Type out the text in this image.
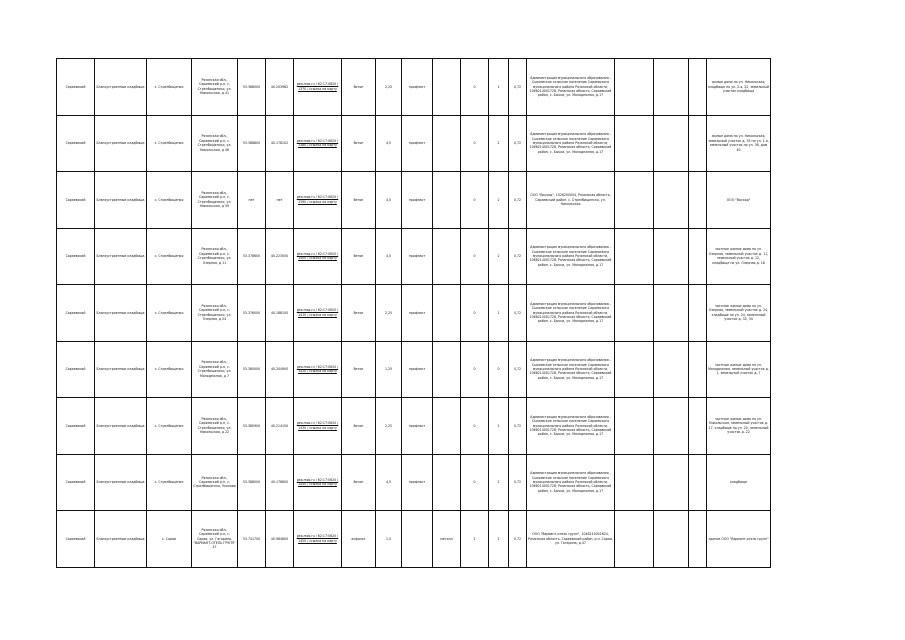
Сараевский	Благоустроенные кладбища	с. Стрелбищенко	Рязанская обл., Сараевский р-н, с. Стрелбищенско, ул. Никольская, д 41	53.386000	40.203982	geo.mos.ru / 62:17:0620 / 1370 / ссылка на карту	бетон	2,25	профнаст		0	1	0,72	Администрация муниципального образования - Сысоевское сельское поселение Сараевского муниципального района Рязанской области, 1066214001728, Рязанская область, Сараевский район, с. Бычки, ул. Молодежная, д.17				жилые дома по ул. Никольская, кладбище по ул. 2-я, 22, земельный участок кладбища
Сараевский	Благоустроенные кладбища	с. Стрелбищенко	Рязанская обл., Сараевский р-н, с. Стрелбищенско, ул. Никольская, д 46	53.388800	40.178102	geo.mos.ru / 62:17:0620 / 1380 / ссылка на карту	бетон	4,5	профнаст		0	2	0,72	Администрация муниципального образования - Сысоевское сельское поселение Сараевского муниципального района Рязанской области, 1066214001728, Рязанская область, Сараевский район, с. Бычки, ул. Молодежная, д.17				жилые дома по ул. Никольская, земельный участок д. 35 по ул. 1-я, земельный участок по ул. 36, дом 40
Сараевский	Благоустроенные кладбища	с. Стрелбищенко	Рязанская обл., Сараевский р-н, с. Стрелбищенско, ул. Никольская, д 59	нет	нет	geo.mos.ru / 62:17:0620 / 1390 / ссылка на карту	бетон	4,5	профнаст		0	2	0,72	ООО "Восход", 1026200004, Рязанская область, Сараевский район, с. Стрелбищенско, ул. Никольская				ООО "Восход"
Сараевский	Благоустроенные кладбища	с. Стрелбищенко	Рязанская обл., Сараевский р-н, с. Стрелбищенско, ул. Озерная, д 11	53.378600	40.223000	geo.mos.ru / 62:17:0620 / 1400 / ссылка на карту	бетон	4,5	профнаст		0	2	0,72	Администрация муниципального образования - Сысоевское сельское поселение Сараевского муниципального района Рязанской области, 1066214001728, Рязанская область, Сараевский район, с. Бычки, ул. Молодежная, д.17				частные жилые дома по ул. Озерная, земельный участок д. 11, земельный участок д. 12, кладбище по ул. Озерная д. 18
Сараевский	Благоустроенные кладбища	с. Стрелбищенко	Рязанская обл., Сараевский р-н, с. Стрелбищенско, ул. Озерная, д 24	53.376000	40.188100	geo.mos.ru / 62:17:0620 / 1410 / ссылка на карту	бетон	2,25	профнаст		0	1	0,72	Администрация муниципального образования - Сысоевское сельское поселение Сараевского муниципального района Рязанской области, 1066214001728, Рязанская область, Сараевский район, с. Бычки, ул. Молодежная, д.17				частные жилые дома по ул. Озерная, земельный участок д. 24, кладбище по ул. 24, земельный участок д. 32, 34
Сараевский	Благоустроенные кладбища	с. Стрелбищенко	Рязанская обл., Сараевский р-н, с. Стрелбищенско, ул. Молодежная, д 7	53.380000	40.204900	geo.mos.ru / 62:17:0620 / 1420 / ссылка на карту	бетон	1,25	профнаст		0	0	0,72	Администрация муниципального образования - Сысоевское сельское поселение Сараевского муниципального района Рязанской области, 1066214001728, Рязанская область, Сараевский район, с. Бычки, ул. Молодежная, д.17				частные жилые дома по ул. Молодежная, земельный участок д. 1, земельный участок д. 7
Сараевский	Благоустроенные кладбища	с. Стрелбищенко	Рязанская обл., Сараевский р-н, с. Стрелбищенско, ул. Никольская, д 22	53.380900	40.214100	geo.mos.ru / 62:17:0620 / 1430 / ссылка на карту	бетон	2,25	профнаст		0	1	0,72	Администрация муниципального образования - Сысоевское сельское поселение Сараевского муниципального района Рязанской области, 1066214001728, Рязанская область, Сараевский район, с. Бычки, ул. Молодежная, д.17				частные жилые дома по ул. Никольская, земельный участок д. 17, кладбище по ул. 20, земельный участок д. 22
Сараевский	Благоустроенные кладбища	с. Стрелбищенко	Рязанская обл., Сараевский р-н, с. Стрелбищенско, Ухолово	53.388000	40.176800	geo.mos.ru / 62:17:0620 / 1440 / ссылка на карту	бетон	4,5	профнаст		0	2	0,72	Администрация муниципального образования - Сысоевское сельское поселение Сараевского муниципального района Рязанской области, 1066214001728, Рязанская область, Сараевский район, с. Бычки, ул. Молодежная, д.17				кладбище
Сараевский	Благоустроенные кладбища	с. Сараи	Рязанская обл., Сараевский р-н, с. Сараи, ул. Гагарина, "ВАРИАНТ-ОТЕЛЬ ГРУПП" 47	53.741700	40.984600	geo.mos.ru / 62:17:0620 / 1450 / ссылка на карту	асфальт	1,5		металл	2	2	0,72	ООО "Вариант-отель групп", 1046214001624, Рязанская область, Сараевский район, р.п. Сараи, ул. Гагарина, д.47				здание ООО "Вариант-отель групп"
